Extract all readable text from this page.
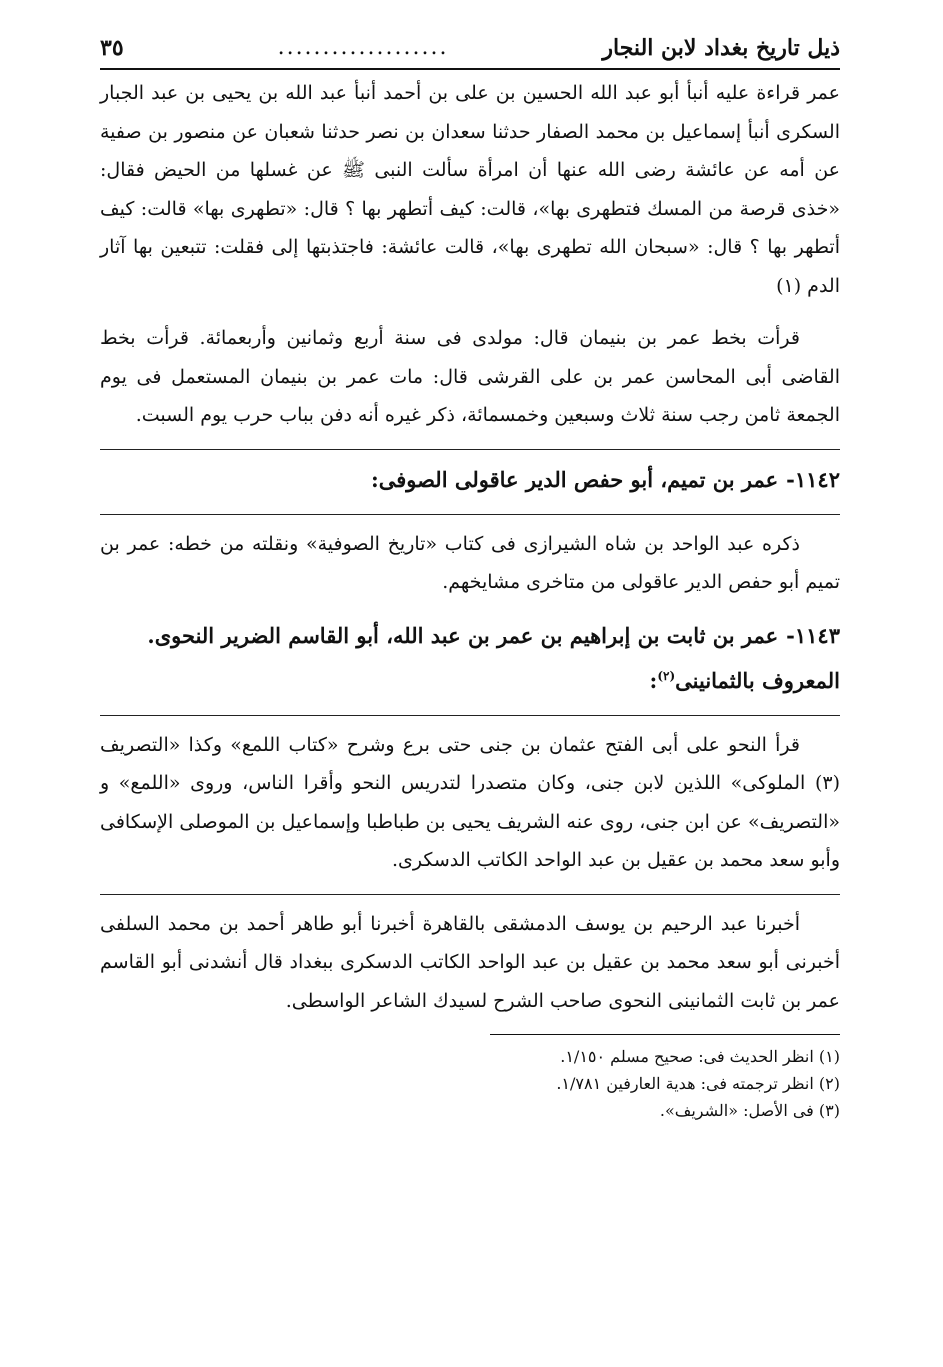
ذيل تاريخ بغداد لابن النجار
...................
٣٥

عمر قراءة عليه أنبأ أبو عبد الله الحسين بن على بن أحمد أنبأ عبد الله بن يحيى بن عبد الجبار السكرى أنبأ إسماعيل بن محمد الصفار حدثنا سعدان بن نصر حدثنا شعبان عن منصور بن صفية عن أمه عن عائشة رضى الله عنها أن امرأة سألت النبى ﷺ عن غسلها من الحيض فقال: «خذى قرصة من المسك فتطهرى بها»، قالت: كيف أتطهر بها ؟ قال: «تطهرى بها» قالت: كيف أتطهر بها ؟ قال: «سبحان الله تطهرى بها»، قالت عائشة: فاجتذبتها إلى فقلت: تتبعين بها آثار الدم (١)

قرأت بخط عمر بن بنيمان قال: مولدى فى سنة أربع وثمانين وأربعمائة. قرأت بخط القاضى أبى المحاسن عمر بن على القرشى قال: مات عمر بن بنيمان المستعمل فى يوم الجمعة ثامن رجب سنة ثلاث وسبعين وخمسمائة، ذكر غيره أنه دفن بباب حرب يوم السبت.

١١٤٢-عمر بن تميم، أبو حفص الدير عاقولى الصوفى:

ذكره عبد الواحد بن شاه الشيرازى فى كتاب «تاريخ الصوفية» ونقلته من خطه: عمر بن تميم أبو حفص الدير عاقولى من متاخرى مشايخهم.

١١٤٣-عمر بن ثابت بن إبراهيم بن عمر بن عبد الله، أبو القاسم الضرير النحوى. المعروف بالثمانينى$^{(٢)}$:

قرأ النحو على أبى الفتح عثمان بن جنى حتى برع وشرح «كتاب اللمع» وكذا «التصريف (٣) الملوكى» اللذين لابن جنى، وكان متصدرا لتدريس النحو وأقرا الناس، وروى «اللمع» و «التصريف» عن ابن جنى، روى عنه الشريف يحيى بن طباطبا وإسماعيل بن الموصلى الإسكافى وأبو سعد محمد بن عقيل بن عبد الواحد الكاتب الدسكرى.

أخبرنا عبد الرحيم بن يوسف الدمشقى بالقاهرة أخبرنا أبو طاهر أحمد بن محمد السلفى أخبرنى أبو سعد محمد بن عقيل بن عبد الواحد الكاتب الدسكرى ببغداد قال أنشدنى أبو القاسم عمر بن ثابت الثمانينى النحوى صاحب الشرح لسيدك الشاعر الواسطى.

(١) انظر الحديث فى: صحيح مسلم ١/١٥٠.
(٢) انظر ترجمته فى: هدية العارفين ١/٧٨١.
(٣) فى الأصل: «الشريف».
